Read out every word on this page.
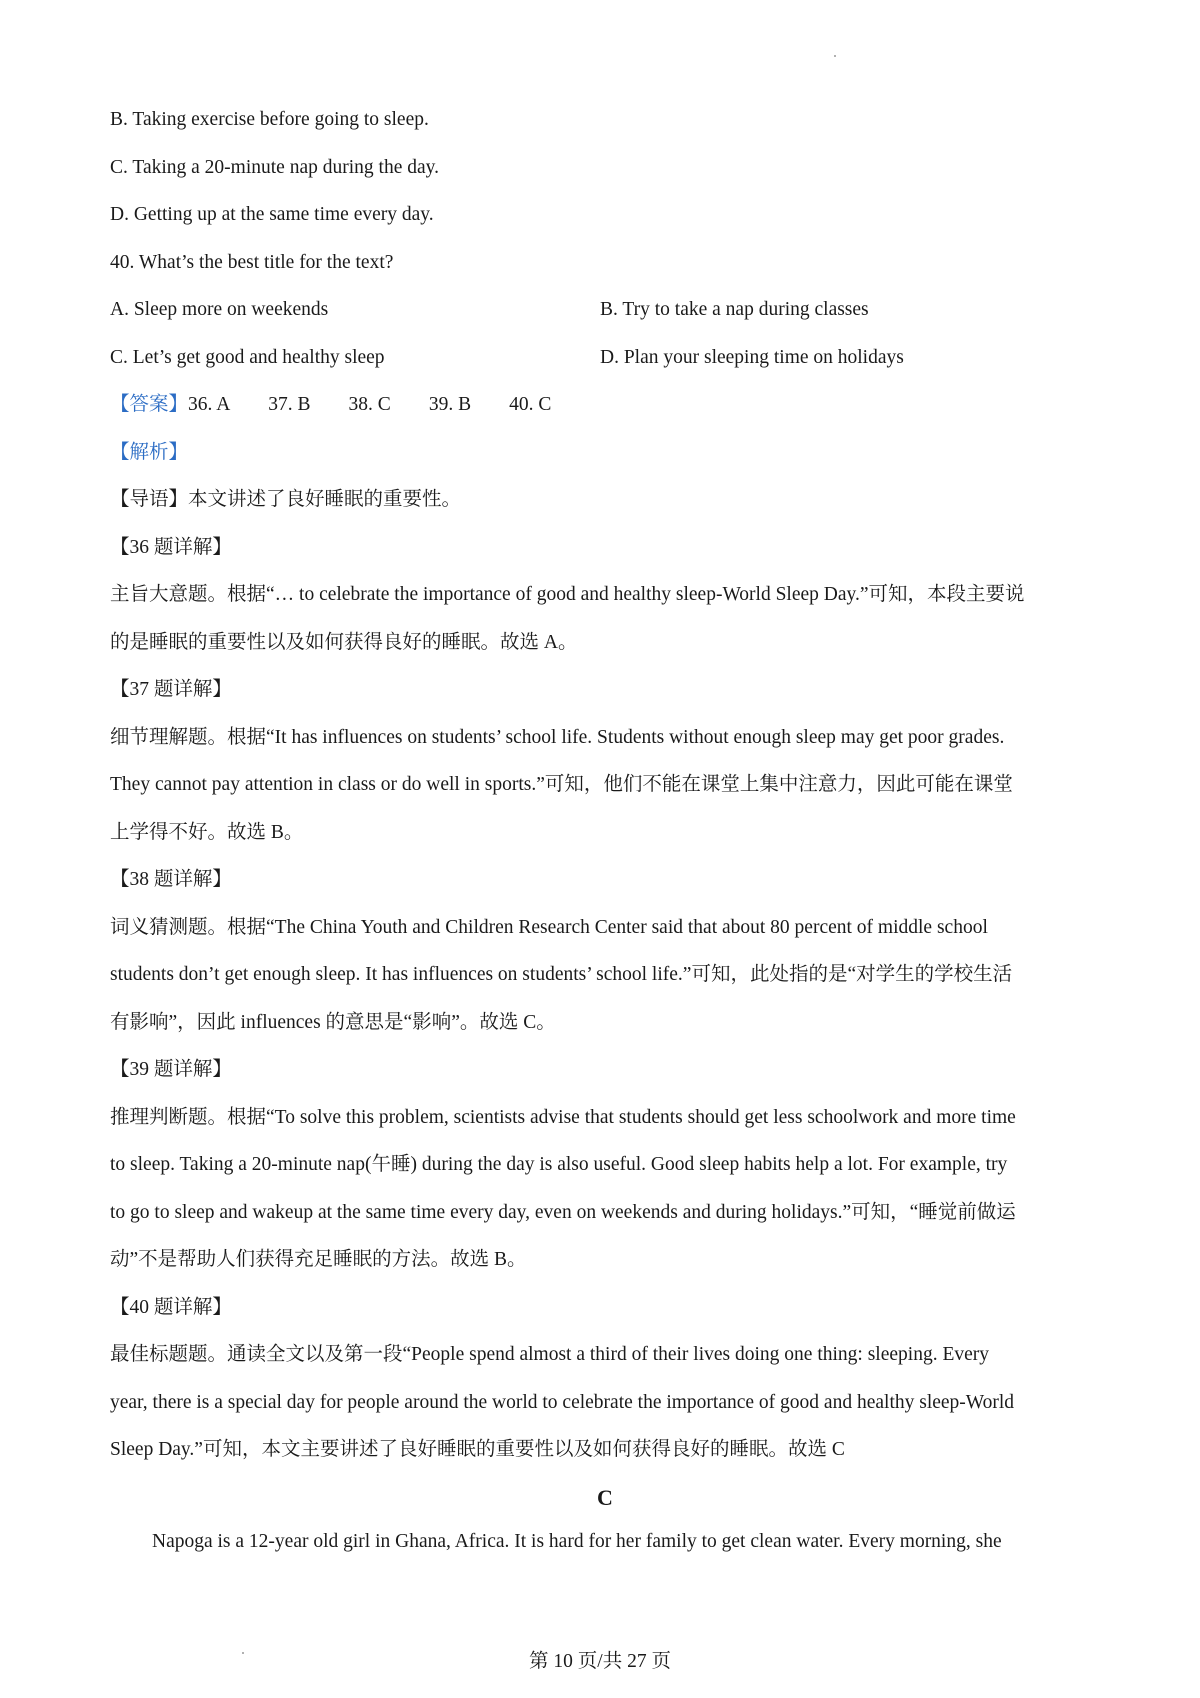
B. Taking exercise before going to sleep.

C. Taking a 20-minute nap during the day.

D. Getting up at the same time every day.

40. What’s the best title for the text?

A. Sleep more on weekends	B. Try to take a nap during classes
C. Let’s get good and healthy sleep	D. Plan your sleeping time on holidays
【答案】 36. A 37. B 38. C 39. B 40. C

【解析】

【导语】本文讲述了良好睡眠的重要性。

【36 题详解】

主旨大意题。根据“… to celebrate the importance of good and healthy sleep-World Sleep Day.”可知，本段主要说

的是睡眠的重要性以及如何获得良好的睡眠。故选 A。

【37 题详解】

细节理解题。根据“It has influences on students’ school life. Students without enough sleep may get poor grades.

They cannot pay attention in class or do well in sports.”可知，他们不能在课堂上集中注意力，因此可能在课堂

上学得不好。故选 B。

【38 题详解】

词义猜测题。根据“The China Youth and Children Research Center said that about 80 percent of middle school

students don’t get enough sleep. It has influences on students’ school life.”可知，此处指的是“对学生的学校生活

有影响”，因此 influences 的意思是“影响”。故选 C。

【39 题详解】

推理判断题。根据“To solve this problem, scientists advise that students should get less schoolwork and more time

to sleep. Taking a 20-minute nap(午睡) during the day is also useful. Good sleep habits help a lot. For example, try

to go to sleep and wakeup at the same time every day, even on weekends and during holidays.”可知，“睡觉前做运

动”不是帮助人们获得充足睡眠的方法。故选 B。

【40 题详解】

最佳标题题。通读全文以及第一段“People spend almost a third of their lives doing one thing: sleeping. Every

year, there is a special day for people around the world to celebrate the importance of good and healthy sleep-World

Sleep Day.”可知，本文主要讲述了良好睡眠的重要性以及如何获得良好的睡眠。故选 C

C

Napoga is a 12-year old girl in Ghana, Africa. It is hard for her family to get clean water. Every morning, she

第 10 页/共 27 页
